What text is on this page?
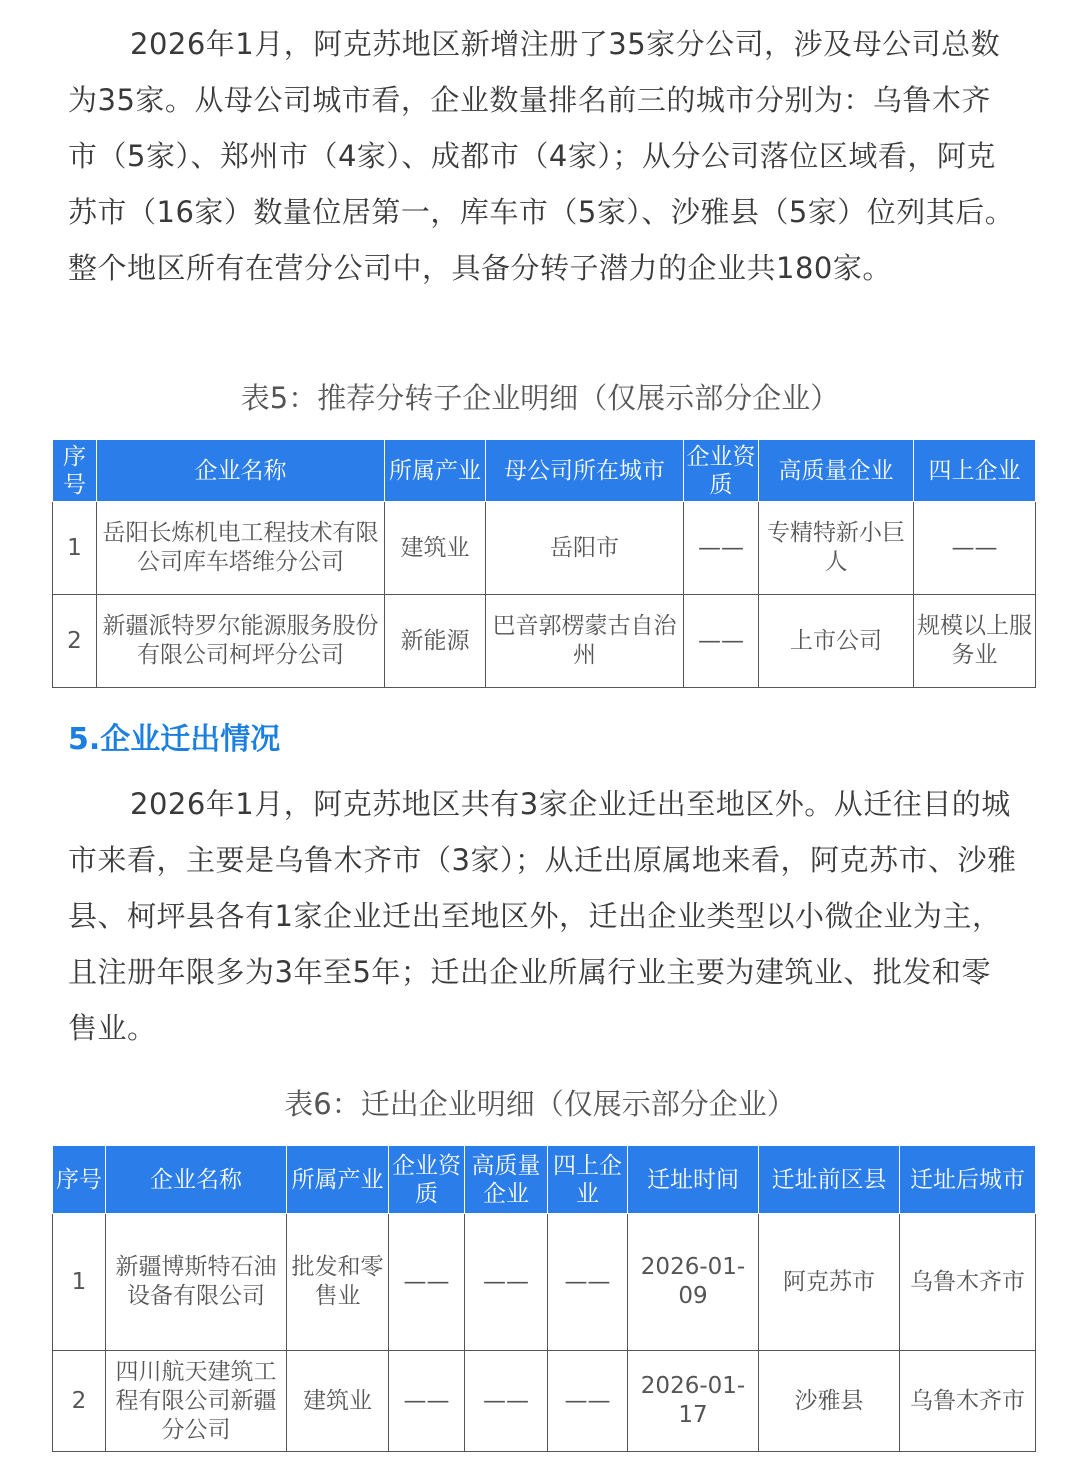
2026年1月，阿克苏地区新增注册了35家分公司，涉及母公司总数为35家。从母公司城市看，企业数量排名前三的城市分别为：乌鲁木齐市（5家）、郑州市（4家）、成都市（4家）；从分公司落位区域看，阿克苏市（16家）数量位居第一，库车市（5家）、沙雅县（5家）位列其后。整个地区所有在营分公司中，具备分转子潜力的企业共180家。

表5：推荐分转子企业明细（仅展示部分企业）

序号	企业名称	所属产业	母公司所在城市	企业资质	高质量企业	四上企业
1	岳阳长炼机电工程技术有限公司库车塔维分公司	建筑业	岳阳市	——	专精特新小巨人	——
2	新疆派特罗尔能源服务股份有限公司柯坪分公司	新能源	巴音郭楞蒙古自治州	——	上市公司	规模以上服务业

5.企业迁出情况

2026年1月，阿克苏地区共有3家企业迁出至地区外。从迁往目的城市来看，主要是乌鲁木齐市（3家）；从迁出原属地来看，阿克苏市、沙雅县、柯坪县各有1家企业迁出至地区外，迁出企业类型以小微企业为主，且注册年限多为3年至5年；迁出企业所属行业主要为建筑业、批发和零售业。

表6：迁出企业明细（仅展示部分企业）

序号	企业名称	所属产业	企业资质	高质量企业	四上企业	迁址时间	迁址前区县	迁址后城市
1	新疆博斯特石油设备有限公司	批发和零售业	——	——	——	2026-01-09	阿克苏市	乌鲁木齐市
2	四川航天建筑工程有限公司新疆分公司	建筑业	——	——	——	2026-01-17	沙雅县	乌鲁木齐市
